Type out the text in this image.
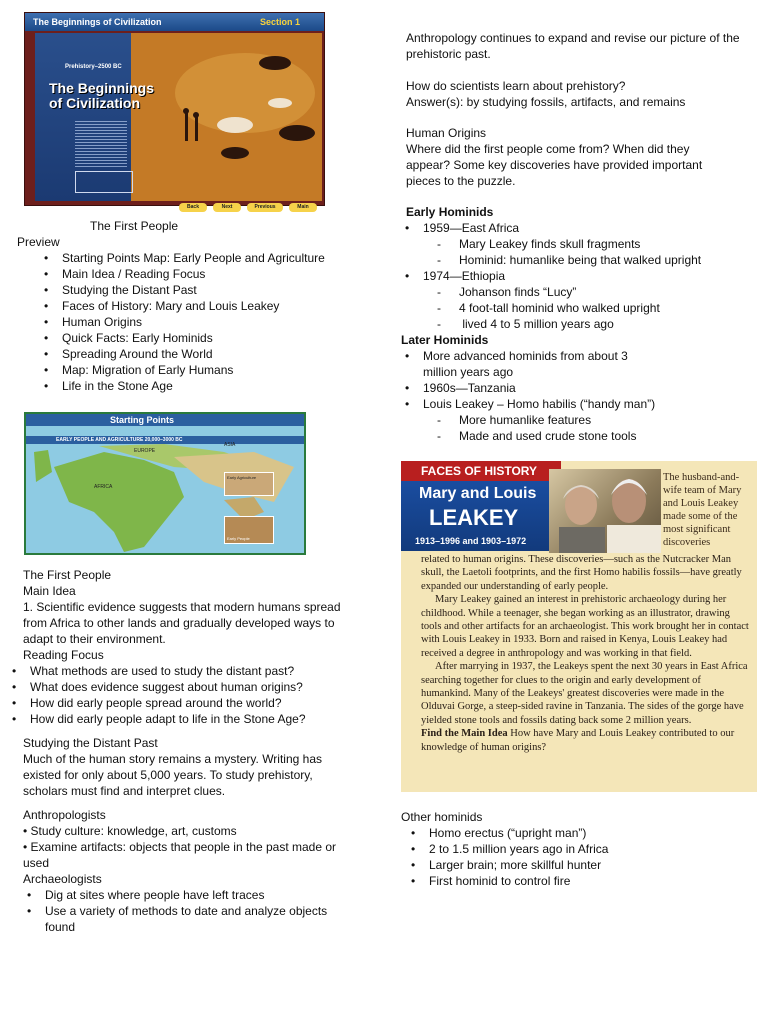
The Beginnings of Civilization	Section 1
Prehistory–2500 BC
The Beginnings
of Civilization
Back	Next	Previous	Main
The First People
Preview
• Starting Points Map: Early People and Agriculture
• Main Idea / Reading Focus
• Studying the Distant Past
• Faces of History: Mary and Louis Leakey
• Human Origins
• Quick Facts: Early Hominids
• Spreading Around the World
• Map: Migration of Early Humans
• Life in the Stone Age
Starting Points
EARLY PEOPLE AND AGRICULTURE 20,000–3000 BC
EUROPE
ASIA
AFRICA
Early Agriculture
Early People
The First People
Main Idea

1. Scientific evidence suggests that modern humans spread from Africa to other lands and gradually developed ways to adapt to their environment.

Reading Focus
• What methods are used to study the distant past?
• What does evidence suggest about human origins?
• How did early people spread around the world?
• How did early people adapt to life in the Stone Age?
Studying the Distant Past

Much of the human story remains a mystery. Writing has existed for only about 5,000 years. To study prehistory, scholars must find and interpret clues.

Anthropologists
• Study culture: knowledge, art, customs
• Examine artifacts: objects that people in the past made or used
Archaeologists
• Dig at sites where people have left traces
• Use a variety of methods to date and analyze objects found

Anthropology continues to expand and revise our picture of the prehistoric past.

How do scientists learn about prehistory?
Answer(s): by studying fossils, artifacts, and remains
Human Origins

Where did the first people come from? When did they appear? Some key discoveries have provided important pieces to the puzzle.

Early Hominids
• 1959—East Africa
- Mary Leakey finds skull fragments
- Hominid: humanlike being that walked upright
• 1974—Ethiopia
- Johanson finds “Lucy”
- 4 foot-tall hominid who walked upright
-  lived 4 to 5 million years ago
Later Hominids
• More advanced hominids from about 3 million years ago
• 1960s—Tanzania
• Louis Leakey – Homo habilis (“handy man”)
- More humanlike features
- Made and used crude stone tools
FACES OF HISTORY
Mary and Louis
LEAKEY
1913–1996 and 1903–1972
The husband-and-wife team of Mary and Louis Leakey made some of the most significant discoveries

related to human origins. These discoveries—such as the Nutcracker Man skull, the Laetoli footprints, and the first Homo habilis fossils—have greatly expanded our understanding of early people.

Mary Leakey gained an interest in prehistoric archaeology during her childhood. While a teenager, she began working as an illustrator, drawing tools and other artifacts for an archaeologist. This work brought her in contact with Louis Leakey in 1933. Born and raised in Kenya, Louis Leakey had received a degree in anthropology and was working in that field.

After marrying in 1937, the Leakeys spent the next 30 years in East Africa searching together for clues to the origin and early development of humankind. Many of the Leakeys' greatest discoveries were made in the Olduvai Gorge, a steep-sided ravine in Tanzania. The sides of the gorge have yielded stone tools and fossils dating back some 2 million years.

Find the Main Idea How have Mary and Louis Leakey contributed to our knowledge of human origins?

Other hominids
• Homo erectus (“upright man”)
• 2 to 1.5 million years ago in Africa
• Larger brain; more skillful hunter
• First hominid to control fire
